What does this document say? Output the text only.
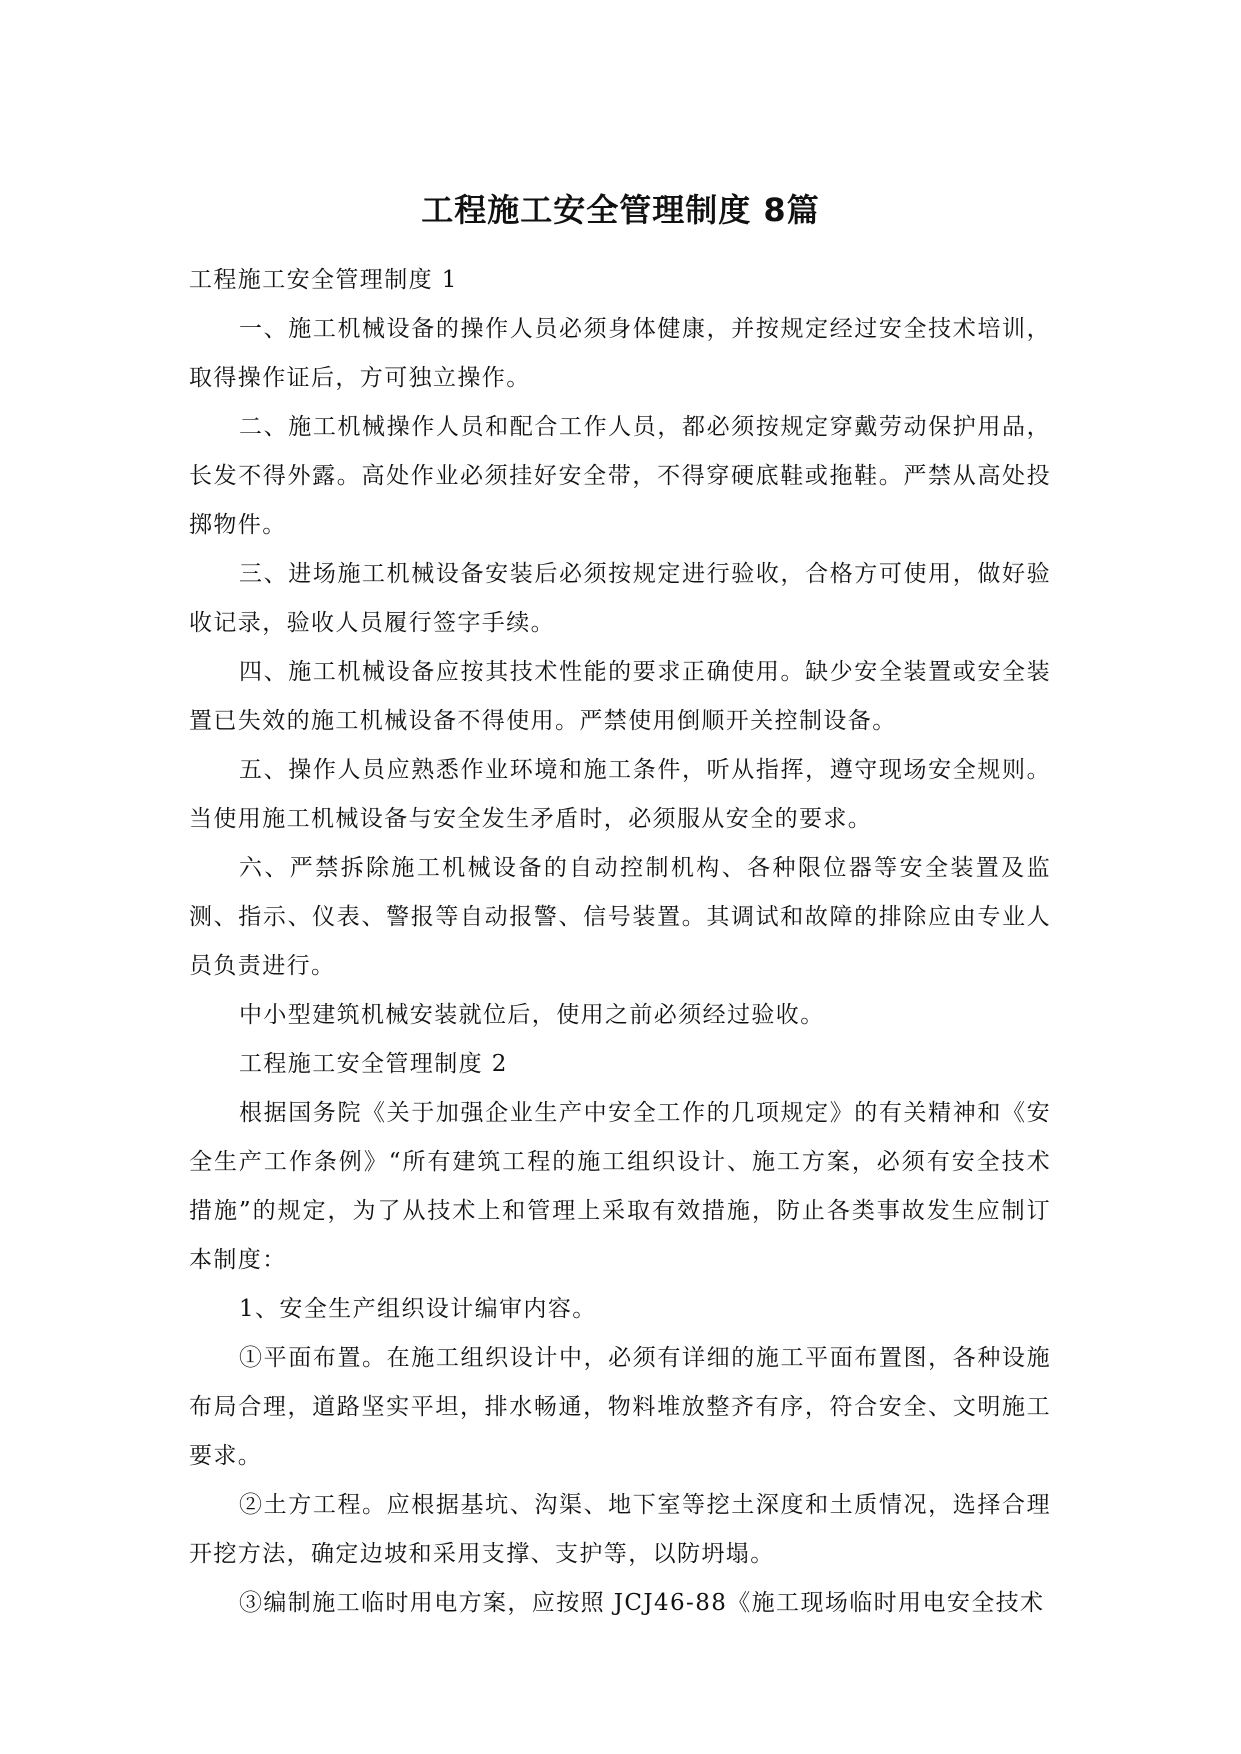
工程施工安全管理制度 8篇

工程施工安全管理制度 1

一、施工机械设备的操作人员必须身体健康，并按规定经过安全技术培训，取得操作证后，方可独立操作。

二、施工机械操作人员和配合工作人员，都必须按规定穿戴劳动保护用品，长发不得外露。高处作业必须挂好安全带，不得穿硬底鞋或拖鞋。严禁从高处投掷物件。

三、进场施工机械设备安装后必须按规定进行验收，合格方可使用，做好验收记录，验收人员履行签字手续。

四、施工机械设备应按其技术性能的要求正确使用。缺少安全装置或安全装置已失效的施工机械设备不得使用。严禁使用倒顺开关控制设备。

五、操作人员应熟悉作业环境和施工条件，听从指挥，遵守现场安全规则。当使用施工机械设备与安全发生矛盾时，必须服从安全的要求。

六、严禁拆除施工机械设备的自动控制机构、各种限位器等安全装置及监测、指示、仪表、警报等自动报警、信号装置。其调试和故障的排除应由专业人员负责进行。

中小型建筑机械安装就位后，使用之前必须经过验收。

工程施工安全管理制度 2

根据国务院《关于加强企业生产中安全工作的几项规定》的有关精神和《安全生产工作条例》“所有建筑工程的施工组织设计、施工方案，必须有安全技术措施”的规定，为了从技术上和管理上采取有效措施，防止各类事故发生应制订本制度：

1、安全生产组织设计编审内容。

①平面布置。在施工组织设计中，必须有详细的施工平面布置图，各种设施布局合理，道路坚实平坦，排水畅通，物料堆放整齐有序，符合安全、文明施工要求。

②土方工程。应根据基坑、沟渠、地下室等挖土深度和土质情况，选择合理开挖方法，确定边坡和采用支撑、支护等，以防坍塌。

③编制施工临时用电方案，应按照 JCJ46-88《施工现场临时用电安全技术
